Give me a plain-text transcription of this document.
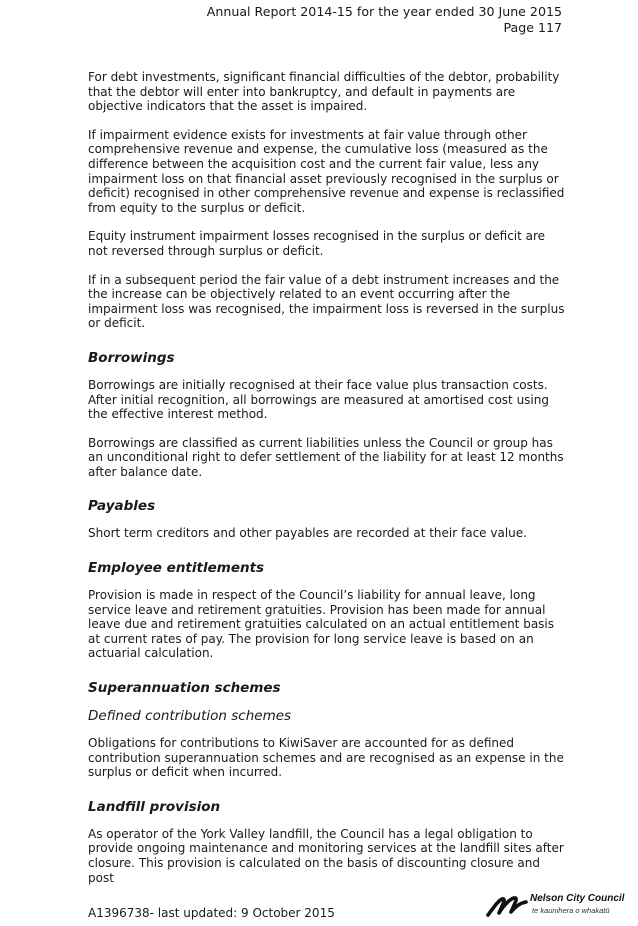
Annual Report 2014-15 for the year ended 30 June 2015
Page 117

For debt investments, significant financial difficulties of the debtor, probability that the debtor will enter into bankruptcy, and default in payments are objective indicators that the asset is impaired.

If impairment evidence exists for investments at fair value through other comprehensive revenue and expense, the cumulative loss (measured as the difference between the acquisition cost and the current fair value, less any impairment loss on that financial asset previously recognised in the surplus or deficit) recognised in other comprehensive revenue and expense is reclassified from equity to the surplus or deficit.

Equity instrument impairment losses recognised in the surplus or deficit are not reversed through surplus or deficit.

If in a subsequent period the fair value of a debt instrument increases and the the increase can be objectively related to an event occurring after the impairment loss was recognised, the impairment loss is reversed in the surplus or deficit.

Borrowings

Borrowings are initially recognised at their face value plus transaction costs. After initial recognition, all borrowings are measured at amortised cost using the effective interest method.

Borrowings are classified as current liabilities unless the Council or group has an unconditional right to defer settlement of the liability for at least 12 months after balance date.

Payables

Short term creditors and other payables are recorded at their face value.

Employee entitlements

Provision is made in respect of the Council’s liability for annual leave, long service leave and retirement gratuities. Provision has been made for annual leave due and retirement gratuities calculated on an actual entitlement basis at current rates of pay. The provision for long service leave is based on an actuarial calculation.

Superannuation schemes
Defined contribution schemes

Obligations for contributions to KiwiSaver are accounted for as defined contribution superannuation schemes and are recognised as an expense in the surplus or deficit when incurred.

Landfill provision

As operator of the York Valley landfill, the Council has a legal obligation to provide ongoing maintenance and monitoring services at the landfill sites after closure. This provision is calculated on the basis of discounting closure and post

A1396738- last updated: 9 October 2015
Nelson City Council
te kaunihera o whakatū
